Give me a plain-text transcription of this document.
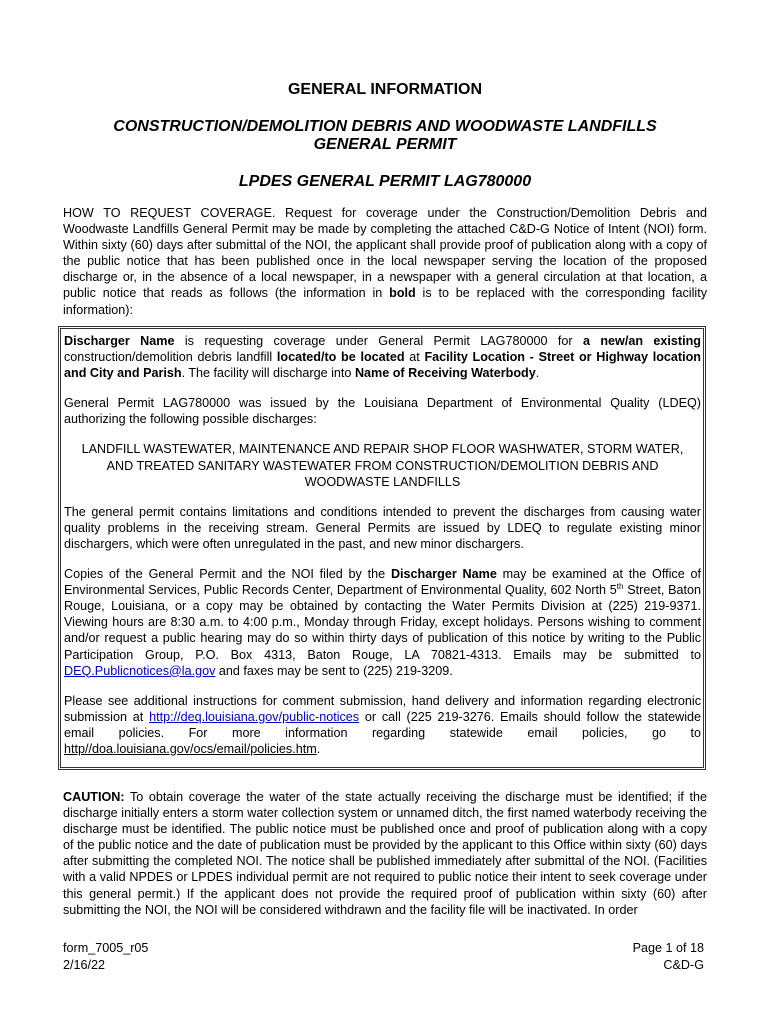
GENERAL INFORMATION
CONSTRUCTION/DEMOLITION DEBRIS AND WOODWASTE LANDFILLS
GENERAL PERMIT
LPDES GENERAL PERMIT LAG780000

HOW TO REQUEST COVERAGE. Request for coverage under the Construction/Demolition Debris and Woodwaste Landfills General Permit may be made by completing the attached C&D-G Notice of Intent (NOI) form. Within sixty (60) days after submittal of the NOI, the applicant shall provide proof of publication along with a copy of the public notice that has been published once in the local newspaper serving the location of the proposed discharge or, in the absence of a local newspaper, in a newspaper with a general circulation at that location, a public notice that reads as follows (the information in bold is to be replaced with the corresponding facility information):

Discharger Name is requesting coverage under General Permit LAG780000 for a new/an existing construction/demolition debris landfill located/to be located at Facility Location - Street or Highway location and City and Parish. The facility will discharge into Name of Receiving Waterbody.

General Permit LAG780000 was issued by the Louisiana Department of Environmental Quality (LDEQ) authorizing the following possible discharges:

LANDFILL WASTEWATER, MAINTENANCE AND REPAIR SHOP FLOOR WASHWATER, STORM WATER, AND TREATED SANITARY WASTEWATER FROM CONSTRUCTION/DEMOLITION DEBRIS AND WOODWASTE LANDFILLS

The general permit contains limitations and conditions intended to prevent the discharges from causing water quality problems in the receiving stream. General Permits are issued by LDEQ to regulate existing minor dischargers, which were often unregulated in the past, and new minor dischargers.

Copies of the General Permit and the NOI filed by the Discharger Name may be examined at the Office of Environmental Services, Public Records Center, Department of Environmental Quality, 602 North 5th Street, Baton Rouge, Louisiana, or a copy may be obtained by contacting the Water Permits Division at (225) 219-9371. Viewing hours are 8:30 a.m. to 4:00 p.m., Monday through Friday, except holidays. Persons wishing to comment and/or request a public hearing may do so within thirty days of publication of this notice by writing to the Public Participation Group, P.O. Box 4313, Baton Rouge, LA 70821-4313. Emails may be submitted to DEQ.Publicnotices@la.gov and faxes may be sent to (225) 219-3209.

Please see additional instructions for comment submission, hand delivery and information regarding electronic submission at http://deq.louisiana.gov/public-notices or call (225 219-3276. Emails should follow the statewide email policies. For more information regarding statewide email policies, go to http//doa.louisiana.gov/ocs/email/policies.htm.

CAUTION: To obtain coverage the water of the state actually receiving the discharge must be identified; if the discharge initially enters a storm water collection system or unnamed ditch, the first named waterbody receiving the discharge must be identified. The public notice must be published once and proof of publication along with a copy of the public notice and the date of publication must be provided by the applicant to this Office within sixty (60) days after submitting the completed NOI. The notice shall be published immediately after submittal of the NOI. (Facilities with a valid NPDES or LPDES individual permit are not required to public notice their intent to seek coverage under this general permit.) If the applicant does not provide the required proof of publication within sixty (60) after submitting the NOI, the NOI will be considered withdrawn and the facility file will be inactivated. In order

form_7005_r05
2/16/22
Page 1 of 18
C&D-G
